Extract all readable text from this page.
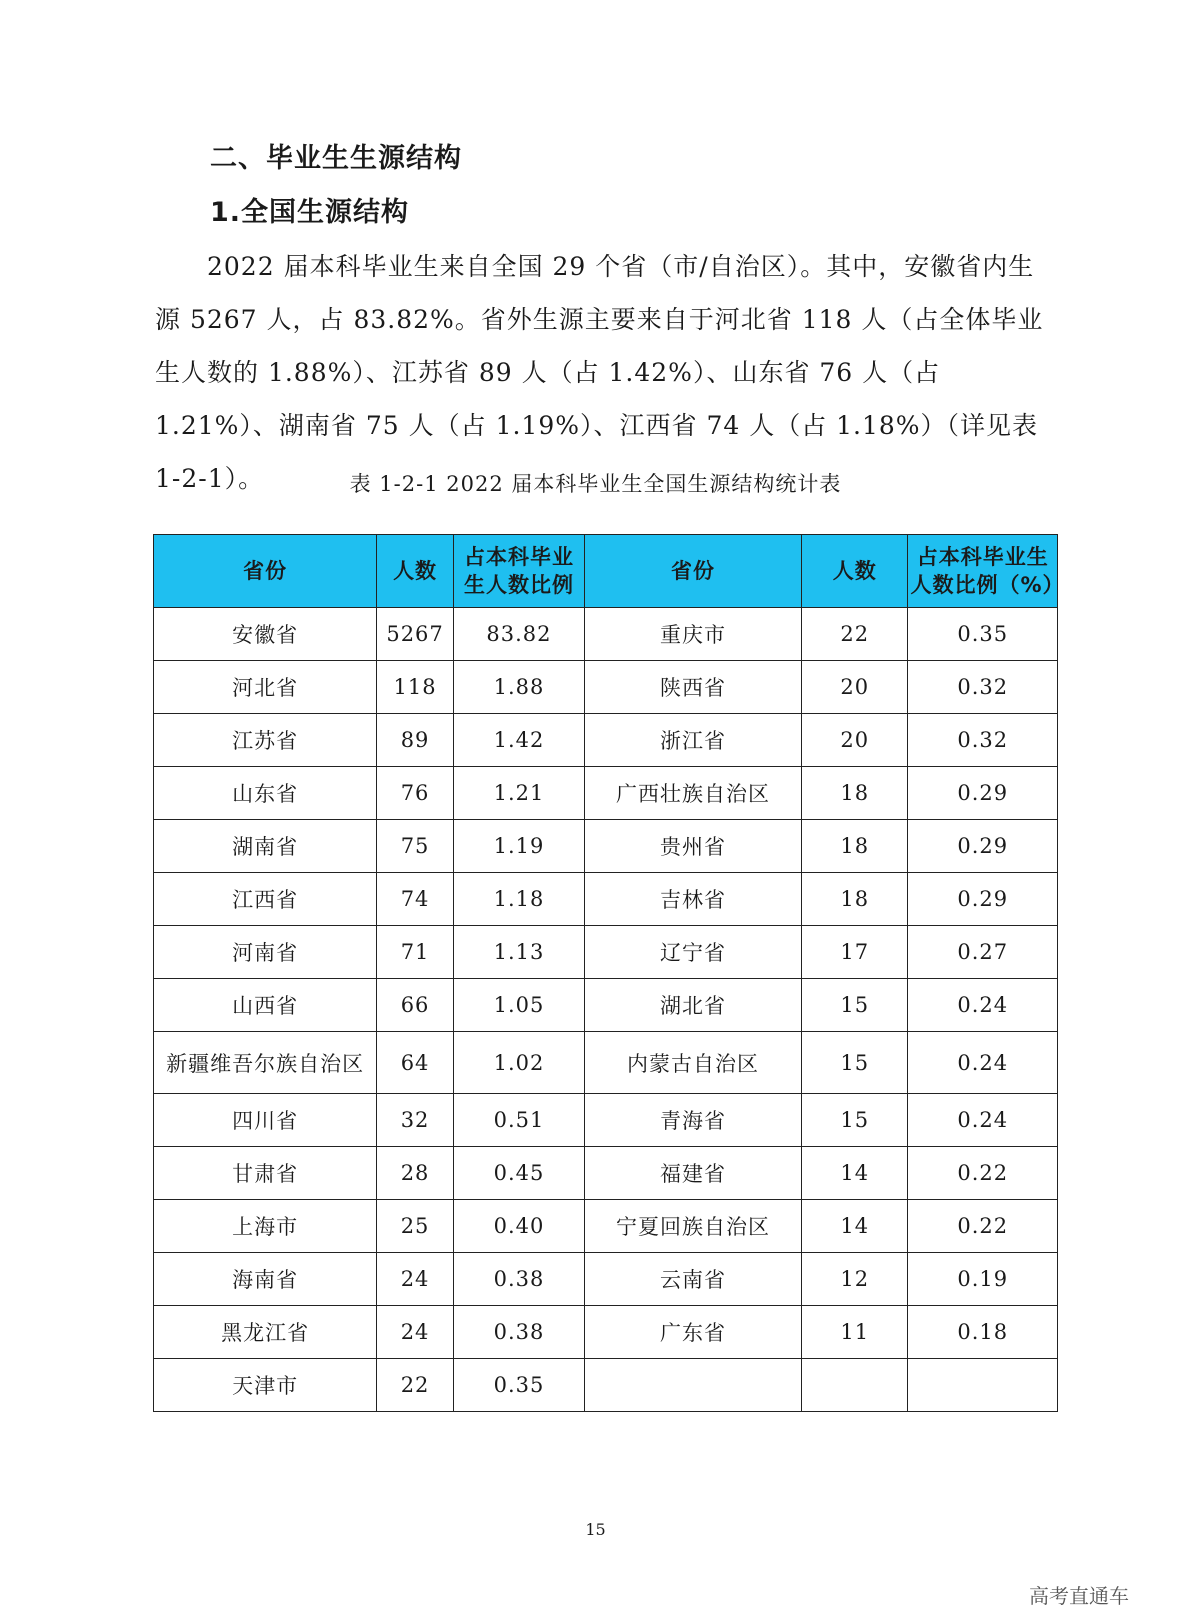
二、毕业生生源结构
1.全国生源结构
2022 届本科毕业生来自全国 29 个省（市/自治区）。其中，安徽省内生源 5267 人，占 83.82%。省外生源主要来自于河北省 118 人（占全体毕业生人数的 1.88%）、江苏省 89 人（占 1.42%）、山东省 76 人（占 1.21%）、湖南省 75 人（占 1.19%）、江西省 74 人（占 1.18%）（详见表 1-2-1）。	表 1-2-1 2022 届本科毕业生全国生源结构统计表
省份	人数	占本科毕业生人数比例	省份	人数	占本科毕业生人数比例（%）
安徽省	5267	83.82	重庆市	22	0.35
河北省	118	1.88	陕西省	20	0.32
江苏省	89	1.42	浙江省	20	0.32
山东省	76	1.21	广西壮族自治区	18	0.29
湖南省	75	1.19	贵州省	18	0.29
江西省	74	1.18	吉林省	18	0.29
河南省	71	1.13	辽宁省	17	0.27
山西省	66	1.05	湖北省	15	0.24
新疆维吾尔族自治区	64	1.02	内蒙古自治区	15	0.24
四川省	32	0.51	青海省	15	0.24
甘肃省	28	0.45	福建省	14	0.22
上海市	25	0.40	宁夏回族自治区	14	0.22
海南省	24	0.38	云南省	12	0.19
黑龙江省	24	0.38	广东省	11	0.18
天津市	22	0.35			
15
高考直通车
